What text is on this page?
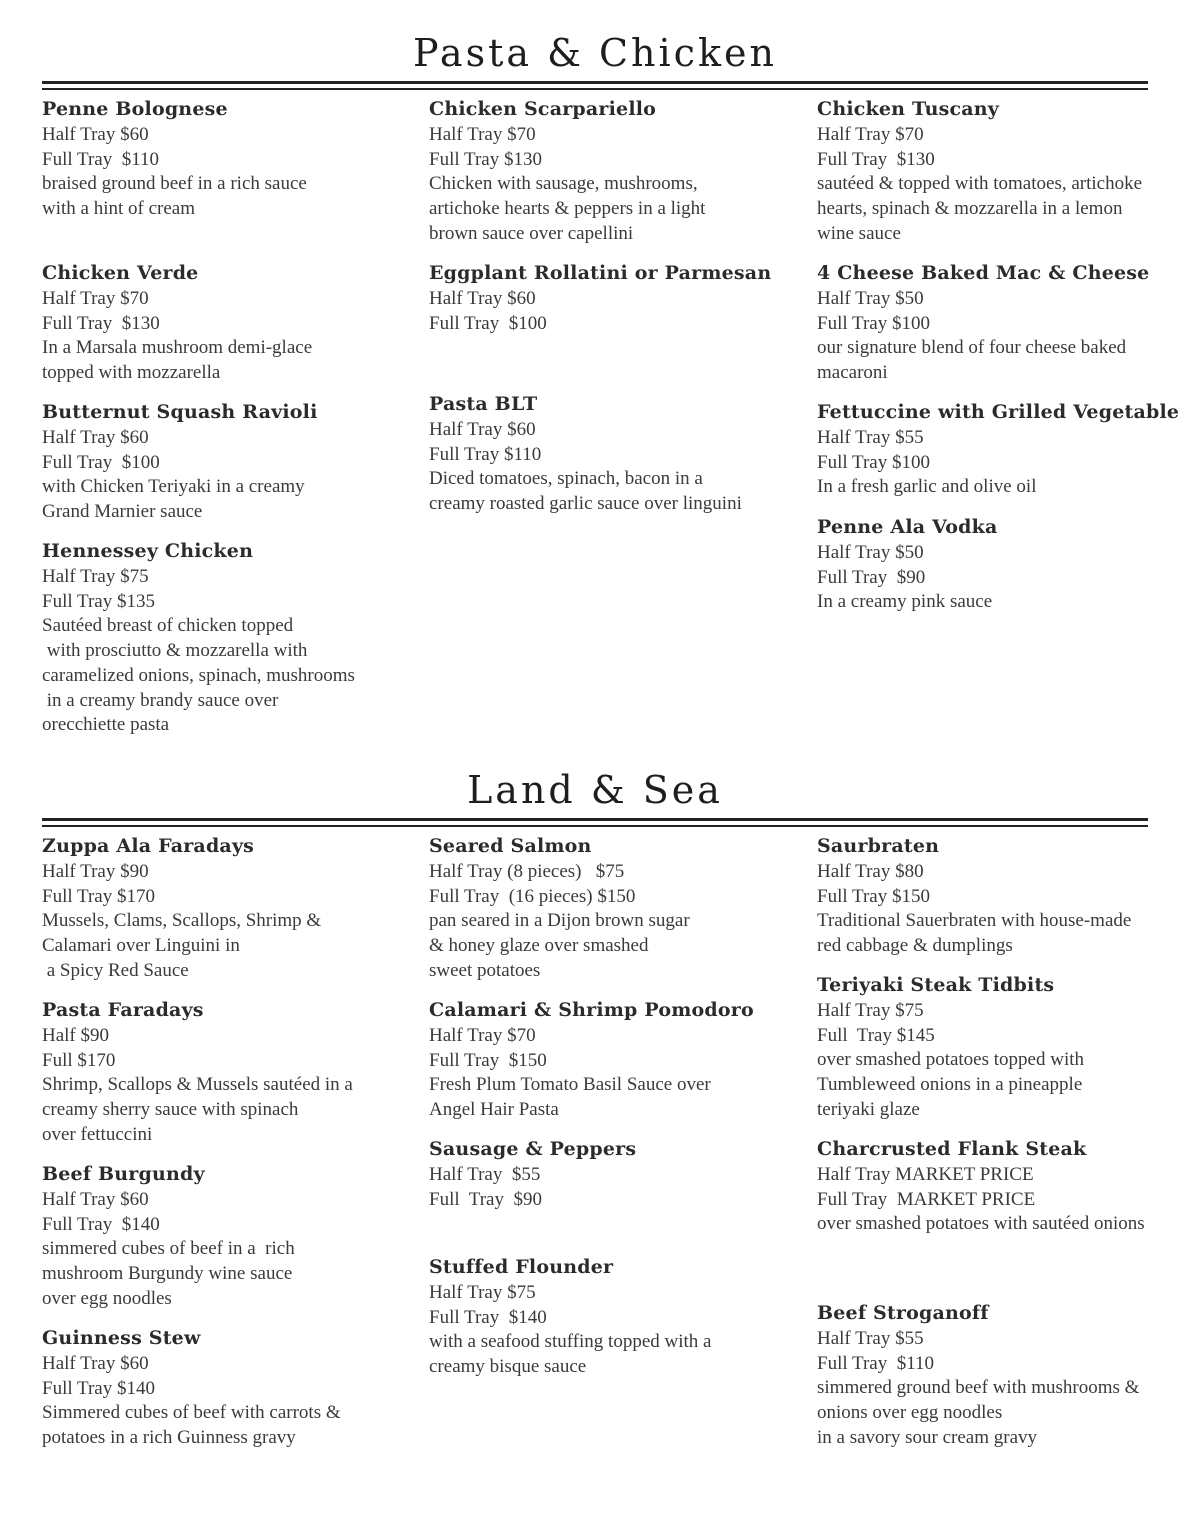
Pasta & Chicken
Penne Bolognese
Half Tray $60
Full Tray  $110
braised ground beef in a rich sauce
with a hint of cream
Chicken Verde
Half Tray $70
Full Tray  $130
In a Marsala mushroom demi-glace
topped with mozzarella
Butternut Squash Ravioli
Half Tray $60
Full Tray  $100
with Chicken Teriyaki in a creamy
Grand Marnier sauce
Hennessey Chicken
Half Tray $75
Full Tray $135
Sautéed breast of chicken topped
with prosciutto & mozzarella with
caramelized onions, spinach, mushrooms
in a creamy brandy sauce over
orecchiette pasta
Chicken Scarpariello
Half Tray $70
Full Tray $130
Chicken with sausage, mushrooms,
artichoke hearts & peppers in a light
brown sauce over capellini
Eggplant Rollatini or Parmesan
Half Tray $60
Full Tray  $100
Pasta BLT
Half Tray $60
Full Tray $110
Diced tomatoes, spinach, bacon in a
creamy roasted garlic sauce over linguini
Chicken Tuscany
Half Tray $70
Full Tray  $130
sautéed & topped with tomatoes, artichoke
hearts, spinach & mozzarella in a lemon
wine sauce
4 Cheese Baked Mac & Cheese
Half Tray $50
Full Tray $100
our signature blend of four cheese baked
macaroni
Fettuccine with Grilled Vegetable
Half Tray $55
Full Tray $100
In a fresh garlic and olive oil
Penne Ala Vodka
Half Tray $50
Full Tray  $90
In a creamy pink sauce
Land & Sea
Zuppa Ala Faradays
Half Tray $90
Full Tray $170
Mussels, Clams, Scallops, Shrimp &
Calamari over Linguini in
a Spicy Red Sauce
Pasta Faradays
Half $90
Full $170
Shrimp, Scallops & Mussels sautéed in a
creamy sherry sauce with spinach
over fettuccini
Beef Burgundy
Half Tray $60
Full Tray  $140
simmered cubes of beef in a  rich
mushroom Burgundy wine sauce
over egg noodles
Guinness Stew
Half Tray $60
Full Tray $140
Simmered cubes of beef with carrots &
potatoes in a rich Guinness gravy
Seared Salmon
Half Tray (8 pieces)   $75
Full Tray  (16 pieces) $150
pan seared in a Dijon brown sugar
& honey glaze over smashed
sweet potatoes
Calamari & Shrimp Pomodoro
Half Tray $70
Full Tray  $150
Fresh Plum Tomato Basil Sauce over
Angel Hair Pasta
Sausage & Peppers
Half Tray  $55
Full  Tray  $90
Stuffed Flounder
Half Tray $75
Full Tray  $140
with a seafood stuffing topped with a
creamy bisque sauce
Saurbraten
Half Tray $80
Full Tray $150
Traditional Sauerbraten with house-made
red cabbage & dumplings
Teriyaki Steak Tidbits
Half Tray $75
Full  Tray $145
over smashed potatoes topped with
Tumbleweed onions in a pineapple
teriyaki glaze
Charcrusted Flank Steak
Half Tray MARKET PRICE
Full Tray  MARKET PRICE
over smashed potatoes with sautéed onions
Beef Stroganoff
Half Tray $55
Full Tray  $110
simmered ground beef with mushrooms &
onions over egg noodles
in a savory sour cream gravy
